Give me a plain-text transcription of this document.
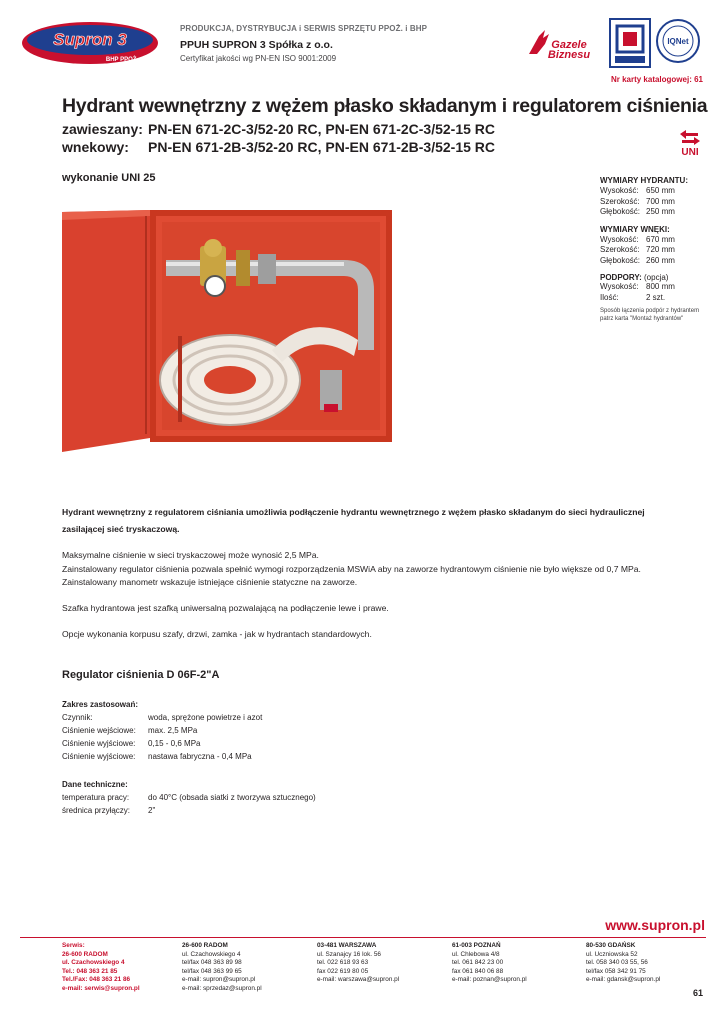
Supron 3
BHP PPOŻ.
PRODUKCJA, DYSTRYBUCJA i SERWIS SPRZĘTU PPOŻ. i BHP
PPUH SUPRON 3 Spółka z o.o.
Certyfikat jakości wg PN-EN ISO 9001:2009
Gazele
Biznesu
IQNet
Nr karty katalogowej: 61
Hydrant wewnętrzny z wężem płasko składanym i regulatorem ciśnienia
zawieszany: PN-EN 671-2C-3/52-20 RC, PN-EN 671-2C-3/52-15 RC
wnekowy: PN-EN 671-2B-3/52-20 RC, PN-EN 671-2B-3/52-15 RC	UNI
wykonanie UNI 25	WYMIARY HYDRANTU:
Wysokość: 650 mm
Szerokość: 700 mm
Głębokość: 250 mm
WYMIARY WNĘKI:
Wysokość: 670 mm
Szerokość: 720 mm
Głębokość: 260 mm
PODPORY: (opcja)
Wysokość: 800 mm
Ilość:	2 szt.
Sposób łączenia podpór z hydrantem patrz karta "Montaż hydrantów"
Hydrant wewnętrzny z regulatorem ciśniania umożliwia podłączenie hydrantu wewnętrznego z wężem płasko składanym do sieci hydraulicznej zasilającej sieć tryskaczową.
Maksymalne ciśnienie w sieci tryskaczowej może wynosić 2,5 MPa.
Zainstalowany regulator ciśnienia pozwala spełnić wymogi rozporządzenia MSWiA aby na zaworze hydrantowym ciśnienie nie było większe od 0,7 MPa.
Zainstalowany manometr wskazuje istniejące ciśnienie statyczne na zaworze.
Szafka hydrantowa jest szafką uniwersalną pozwalającą na podłączenie lewe i prawe.
Opcje wykonania korpusu szafy, drzwi, zamka - jak w hydrantach standardowych.
Regulator ciśnienia D 06F-2"A
Zakres zastosowań:
Czynnik:	woda, sprężone powietrze i azot
Ciśnienie wejściowe:	max. 2,5 MPa
Ciśnienie wyjściowe:	0,15 - 0,6 MPa
Ciśnienie wyjściowe:	nastawa fabryczna - 0,4 MPa
Dane techniczne:
temperatura pracy:	do 40°C (obsada siatki z tworzywa sztucznego)
średnica przyłączy:	2"
www.supron.pl
Serwis:
26-600 RADOM
ul. Czachowskiego 4
Tel.: 048 363 21 85
Tel./Fax: 048 363 21 86
e-mail: serwis@supron.pl
26-600 RADOM
ul. Czachowskiego 4
tel/fax 048 363 89 98
tel/fax 048 363 99 65
e-mail: supron@supron.pl
e-mail: sprzedaz@supron.pl
03-481 WARSZAWA
ul. Szanajcy 16 lok. 56
tel. 022 618 93 63
fax 022 619 80 05
e-mail: warszawa@supron.pl
61-003 POZNAŃ
ul. Chlebowa 4/8
tel. 061 842 23 00
fax 061 840 06 88
e-mail: poznan@supron.pl
80-530 GDAŃSK
ul. Uczniowska 52
tel. 058 340 03 55, 56
tel/fax 058 342 91 75
e-mail: gdansk@supron.pl
61
